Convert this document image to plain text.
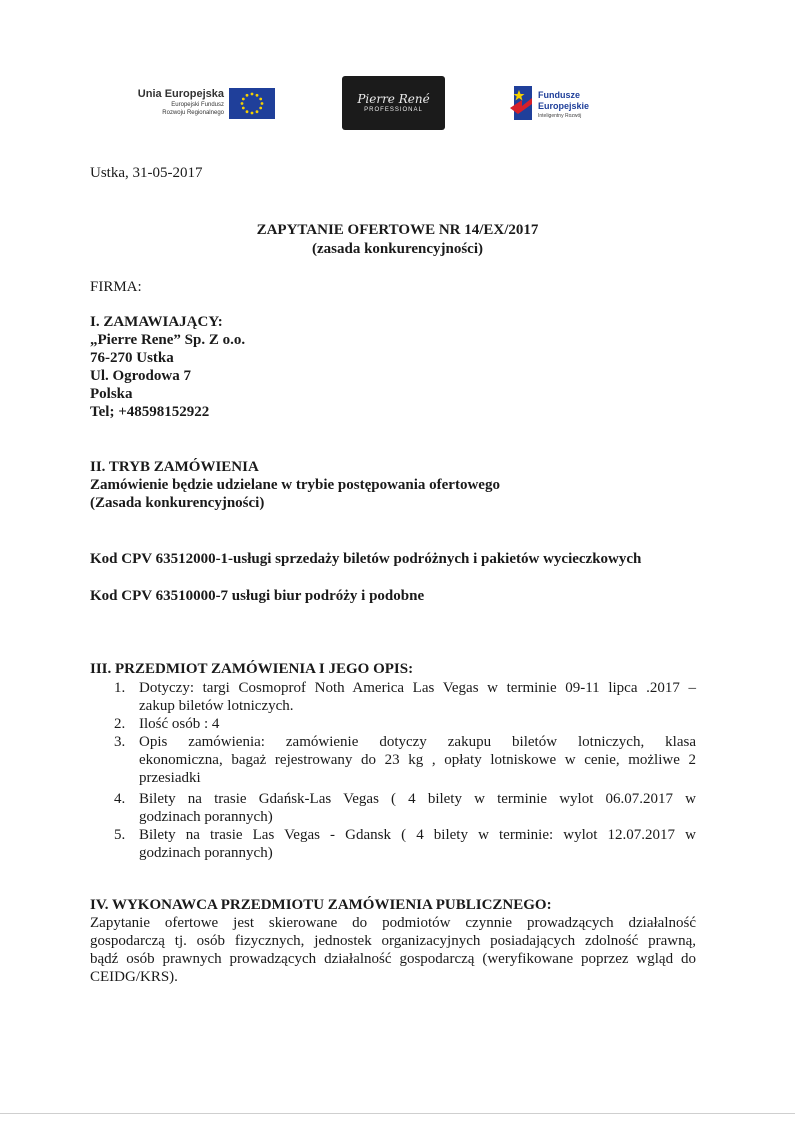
Unia Europejska
Europejski Fundusz
Rozwoju Regionalnego
Pierre René
PROFESSIONAL
Fundusze
Europejskie
Inteligentny Rozwój
Ustka, 31-05-2017
ZAPYTANIE OFERTOWE NR 14/EX/2017
(zasada konkurencyjności)
FIRMA:
I. ZAMAWIAJĄCY:
„Pierre Rene” Sp. Z o.o.
76-270 Ustka
Ul. Ogrodowa 7
Polska
Tel; +48598152922
II. TRYB ZAMÓWIENIA
Zamówienie będzie udzielane w trybie postępowania ofertowego
(Zasada konkurencyjności)
Kod CPV 63512000-1-usługi sprzedaży biletów podróżnych i pakietów wycieczkowych
Kod CPV 63510000-7 usługi biur podróży i podobne
III. PRZEDMIOT ZAMÓWIENIA I JEGO OPIS:
1. Dotyczy: targi Cosmoprof Noth America Las Vegas w terminie 09-11 lipca .2017 –
zakup biletów lotniczych.
2. Ilość osób : 4
3. Opis zamówienia: zamówienie dotyczy zakupu biletów lotniczych, klasa
ekonomiczna, bagaż rejestrowany do 23 kg , opłaty lotniskowe w cenie, możliwe 2
przesiadki
4. Bilety na trasie Gdańsk-Las Vegas ( 4 bilety w terminie wylot 06.07.2017 w
godzinach porannych)
5. Bilety na trasie Las Vegas - Gdansk ( 4 bilety w terminie: wylot 12.07.2017 w
godzinach porannych)
IV. WYKONAWCA PRZEDMIOTU ZAMÓWIENIA PUBLICZNEGO:
Zapytanie ofertowe jest skierowane do podmiotów czynnie prowadzących działalność
gospodarczą tj. osób fizycznych, jednostek organizacyjnych posiadających zdolność prawną,
bądź osób prawnych prowadzących działalność gospodarczą (weryfikowane poprzez wgląd do
CEIDG/KRS).
